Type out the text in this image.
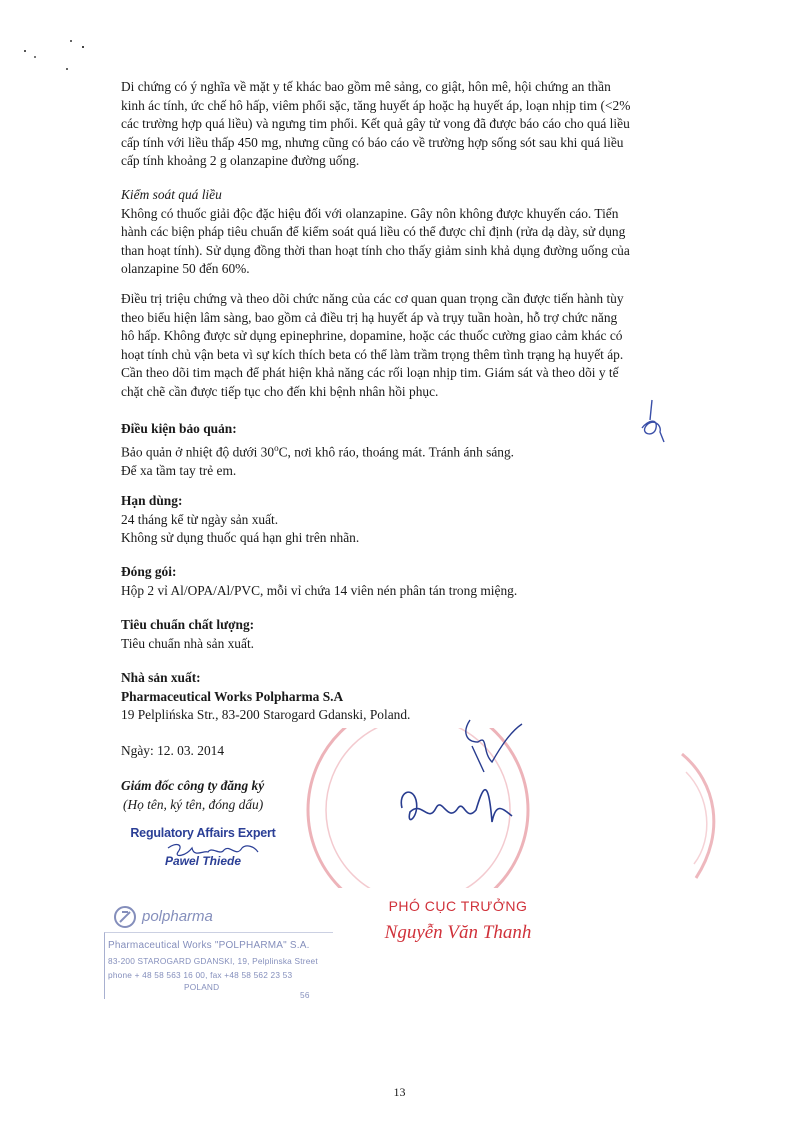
Di chứng có ý nghĩa về mặt y tế khác bao gồm mê sảng, co giật, hôn mê, hội chứng an thần
kinh ác tính, ức chế hô hấp, viêm phổi sặc, tăng huyết áp hoặc hạ huyết áp, loạn nhịp tim (<2%
các trường hợp quá liều) và ngưng tim phổi. Kết quả gây tử vong đã được báo cáo cho quá liều
cấp tính với liều thấp 450 mg, nhưng cũng có báo cáo về trường hợp sống sót sau khi quá liều
cấp tính khoảng 2 g olanzapine đường uống.
Kiểm soát quá liều
Không có thuốc giải độc đặc hiệu đối với olanzapine. Gây nôn không được khuyến cáo. Tiến
hành các biện pháp tiêu chuẩn để kiểm soát quá liều có thể được chỉ định (rửa dạ dày, sử dụng
than hoạt tính). Sử dụng đồng thời than hoạt tính cho thấy giảm sinh khả dụng đường uống của
olanzapine 50 đến 60%.
Điều trị triệu chứng và theo dõi chức năng của các cơ quan quan trọng cần được tiến hành tùy
theo biểu hiện lâm sàng, bao gồm cả điều trị hạ huyết áp và trụy tuần hoàn, hỗ trợ chức năng
hô hấp. Không được sử dụng epinephrine, dopamine, hoặc các thuốc cường giao cảm khác có
hoạt tính chủ vận beta vì sự kích thích beta có thể làm trầm trọng thêm tình trạng hạ huyết áp.
Cần theo dõi tim mạch để phát hiện khả năng các rối loạn nhịp tim. Giám sát và theo dõi y tế
chặt chẽ cần được tiếp tục cho đến khi bệnh nhân hồi phục.
Điều kiện bảo quản:
Bảo quản ở nhiệt độ dưới 30$^o$C, nơi khô ráo, thoáng mát. Tránh ánh sáng.
Để xa tầm tay trẻ em.
Hạn dùng:
24 tháng kể từ ngày sản xuất.
Không sử dụng thuốc quá hạn ghi trên nhãn.
Đóng gói:
Hộp 2 vỉ Al/OPA/Al/PVC, mỗi vỉ chứa 14 viên nén phân tán trong miệng.
Tiêu chuẩn chất lượng:
Tiêu chuẩn nhà sản xuất.
Nhà sản xuất:
Pharmaceutical Works Polpharma S.A
19 Pelplińska Str., 83-200 Starogard Gdanski, Poland.
Ngày: 12. 03. 2014
Giám đốc công ty đăng ký
(Họ tên, ký tên, đóng dấu)
Regulatory Affairs Expert
Pawel Thiede
polpharma
Pharmaceutical Works "POLPHARMA" S.A.
83-200 STAROGARD GDANSKI, 19, Pelplinska Street
phone + 48 58 563 16 00, fax +48 58 562 23 53
POLAND
56
PHÓ CỤC TRƯỞNG
Nguyễn Văn Thanh
13
